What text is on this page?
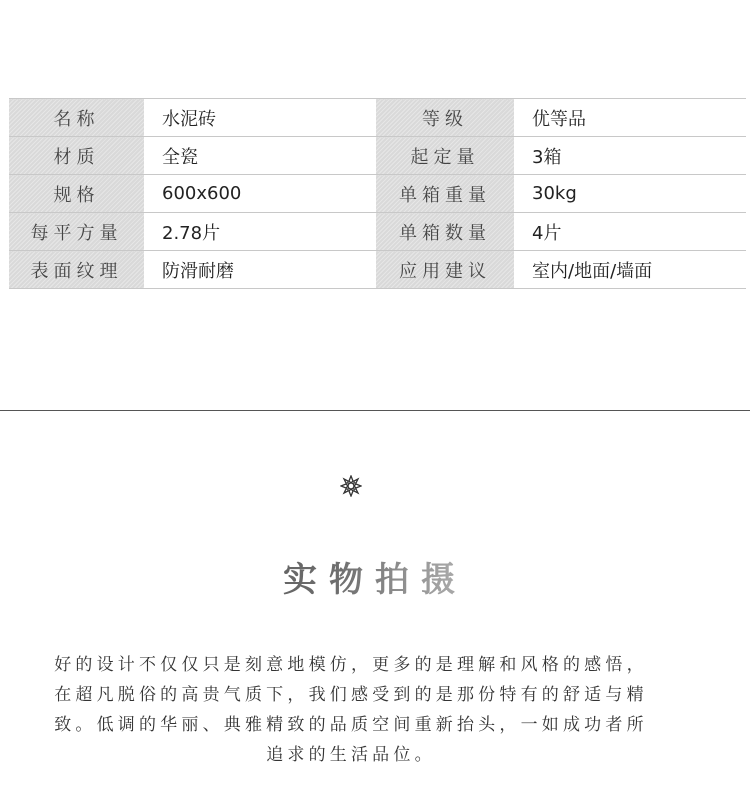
名称	水泥砖	等级	优等品
材质	全瓷	起定量	3箱
规格	600x600	单箱重量	30kg
每平方量	2.78片	单箱数量	4片
表面纹理	防滑耐磨	应用建议	室内/地面/墙面
实物拍摄
好的设计不仅仅只是刻意地模仿，更多的是理解和风格的感悟，
在超凡脱俗的高贵气质下，我们感受到的是那份特有的舒适与精
致。低调的华丽、典雅精致的品质空间重新抬头，一如成功者所
追求的生活品位。
